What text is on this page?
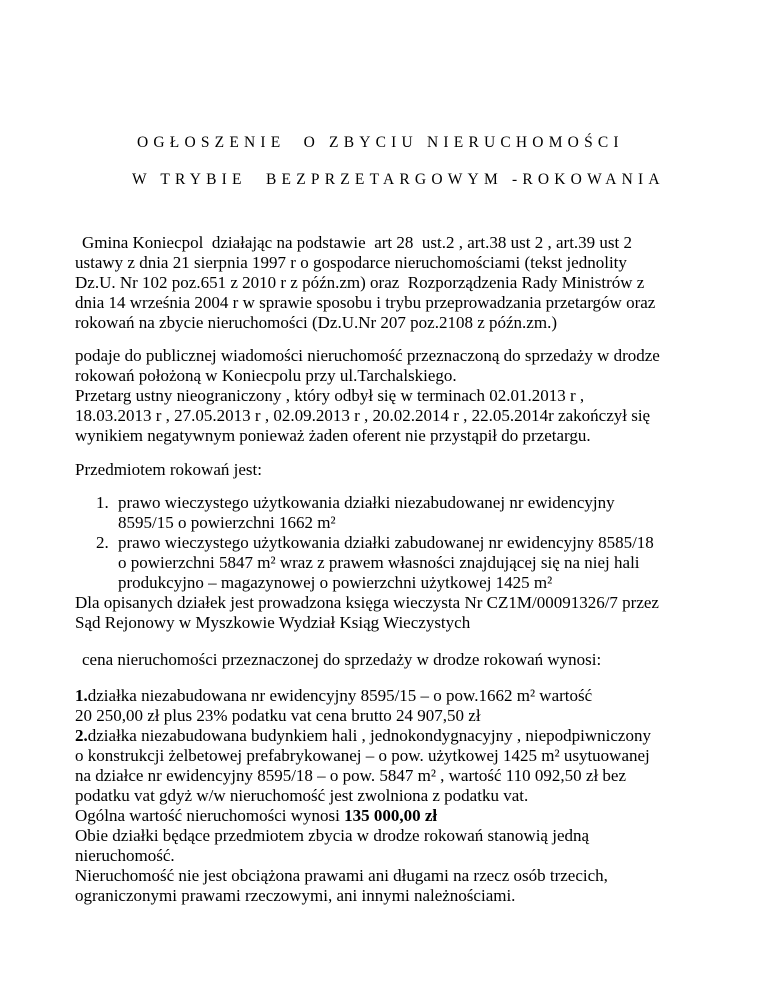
OGŁOSZENIE  O ZBYCIU NIERUCHOMOŚCI
W TRYBIE BEZPRZETARGOWYM -ROKOWANIA
Gmina Koniecpol  działając na podstawie  art 28  ust.2 , art.38 ust 2 , art.39 ust 2
ustawy z dnia 21 sierpnia 1997 r o gospodarce nieruchomościami (tekst jednolity
Dz.U. Nr 102 poz.651 z 2010 r z późn.zm) oraz  Rozporządzenia Rady Ministrów z
dnia 14 września 2004 r w sprawie sposobu i trybu przeprowadzania przetargów oraz
rokowań na zbycie nieruchomości (Dz.U.Nr 207 poz.2108 z późn.zm.)
podaje do publicznej wiadomości nieruchomość przeznaczoną do sprzedaży w drodze
rokowań położoną w Koniecpolu przy ul.Tarchalskiego.
Przetarg ustny nieograniczony , który odbył się w terminach 02.01.2013 r ,
18.03.2013 r , 27.05.2013 r , 02.09.2013 r , 20.02.2014 r , 22.05.2014r zakończył się
wynikiem negatywnym ponieważ żaden oferent nie przystąpił do przetargu.
Przedmiotem rokowań jest:
1. prawo wieczystego użytkowania działki niezabudowanej nr ewidencyjny
8595/15 o powierzchni 1662 m²
2. prawo wieczystego użytkowania działki zabudowanej nr ewidencyjny 8585/18
o powierzchni 5847 m² wraz z prawem własności znajdującej się na niej hali
produkcyjno – magazynowej o powierzchni użytkowej 1425 m²
Dla opisanych działek jest prowadzona księga wieczysta Nr CZ1M/00091326/7 przez
Sąd Rejonowy w Myszkowie Wydział Ksiąg Wieczystych
cena nieruchomości przeznaczonej do sprzedaży w drodze rokowań wynosi:
1.działka niezabudowana nr ewidencyjny 8595/15 – o pow.1662 m² wartość
20 250,00 zł plus 23% podatku vat cena brutto 24 907,50 zł
2.działka niezabudowana budynkiem hali , jednokondygnacyjny , niepodpiwniczony
o konstrukcji żelbetowej prefabrykowanej – o pow. użytkowej 1425 m² usytuowanej
na działce nr ewidencyjny 8595/18 – o pow. 5847 m² , wartość 110 092,50 zł bez
podatku vat gdyż w/w nieruchomość jest zwolniona z podatku vat.
Ogólna wartość nieruchomości wynosi 135 000,00 zł
Obie działki będące przedmiotem zbycia w drodze rokowań stanowią jedną
nieruchomość.
Nieruchomość nie jest obciążona prawami ani długami na rzecz osób trzecich,
ograniczonymi prawami rzeczowymi, ani innymi należnościami.
